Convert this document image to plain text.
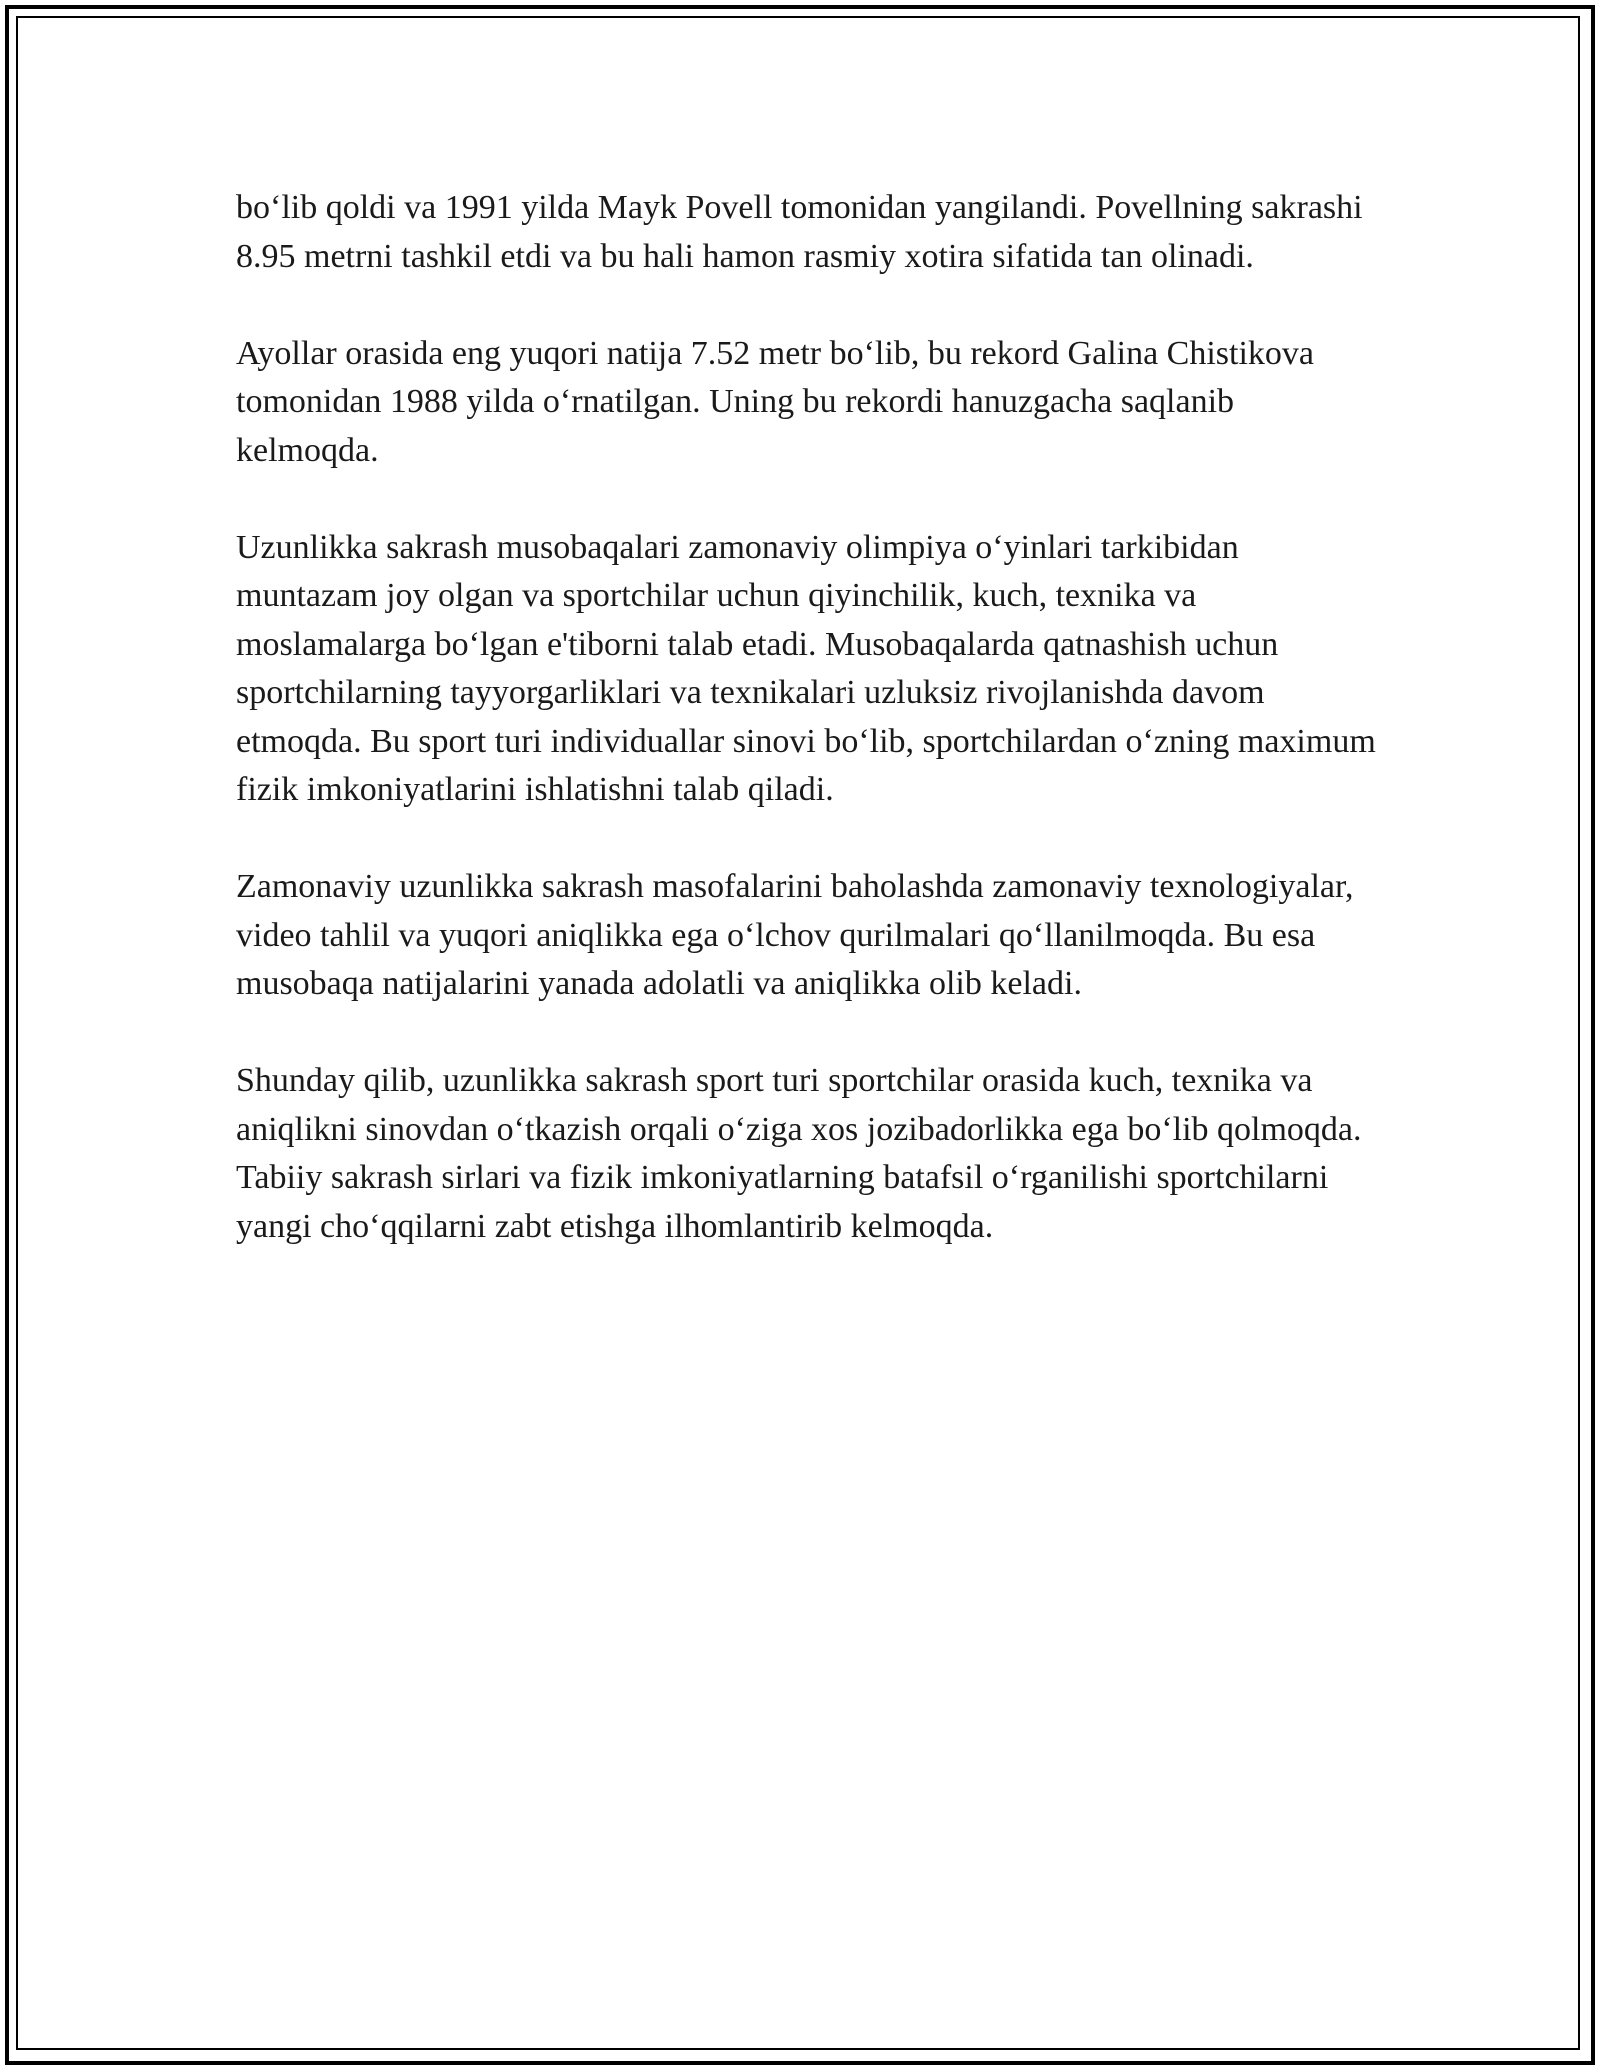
bo‘lib qoldi va 1991 yilda Mayk Povell tomonidan yangilandi. Povellning sakrashi 8.95 metrni tashkil etdi va bu hali hamon rasmiy xotira sifatida tan olinadi.

Ayollar orasida eng yuqori natija 7.52 metr bo‘lib, bu rekord Galina Chistikova tomonidan 1988 yilda o‘rnatilgan. Uning bu rekordi hanuzgacha saqlanib kelmoqda.

Uzunlikka sakrash musobaqalari zamonaviy olimpiya o‘yinlari tarkibidan muntazam joy olgan va sportchilar uchun qiyinchilik, kuch, texnika va moslamalarga bo‘lgan e'tiborni talab etadi. Musobaqalarda qatnashish uchun sportchilarning tayyorgarliklari va texnikalari uzluksiz rivojlanishda davom etmoqda. Bu sport turi individuallar sinovi bo‘lib, sportchilardan o‘zning maximum fizik imkoniyatlarini ishlatishni talab qiladi.

Zamonaviy uzunlikka sakrash masofalarini baholashda zamonaviy texnologiyalar, video tahlil va yuqori aniqlikka ega o‘lchov qurilmalari qo‘llanilmoqda. Bu esa musobaqa natijalarini yanada adolatli va aniqlikka olib keladi.

Shunday qilib, uzunlikka sakrash sport turi sportchilar orasida kuch, texnika va aniqlikni sinovdan o‘tkazish orqali o‘ziga xos jozibadorlikka ega bo‘lib qolmoqda. Tabiiy sakrash sirlari va fizik imkoniyatlarning batafsil o‘rganilishi sportchilarni yangi cho‘qqilarni zabt etishga ilhomlantirib kelmoqda.
